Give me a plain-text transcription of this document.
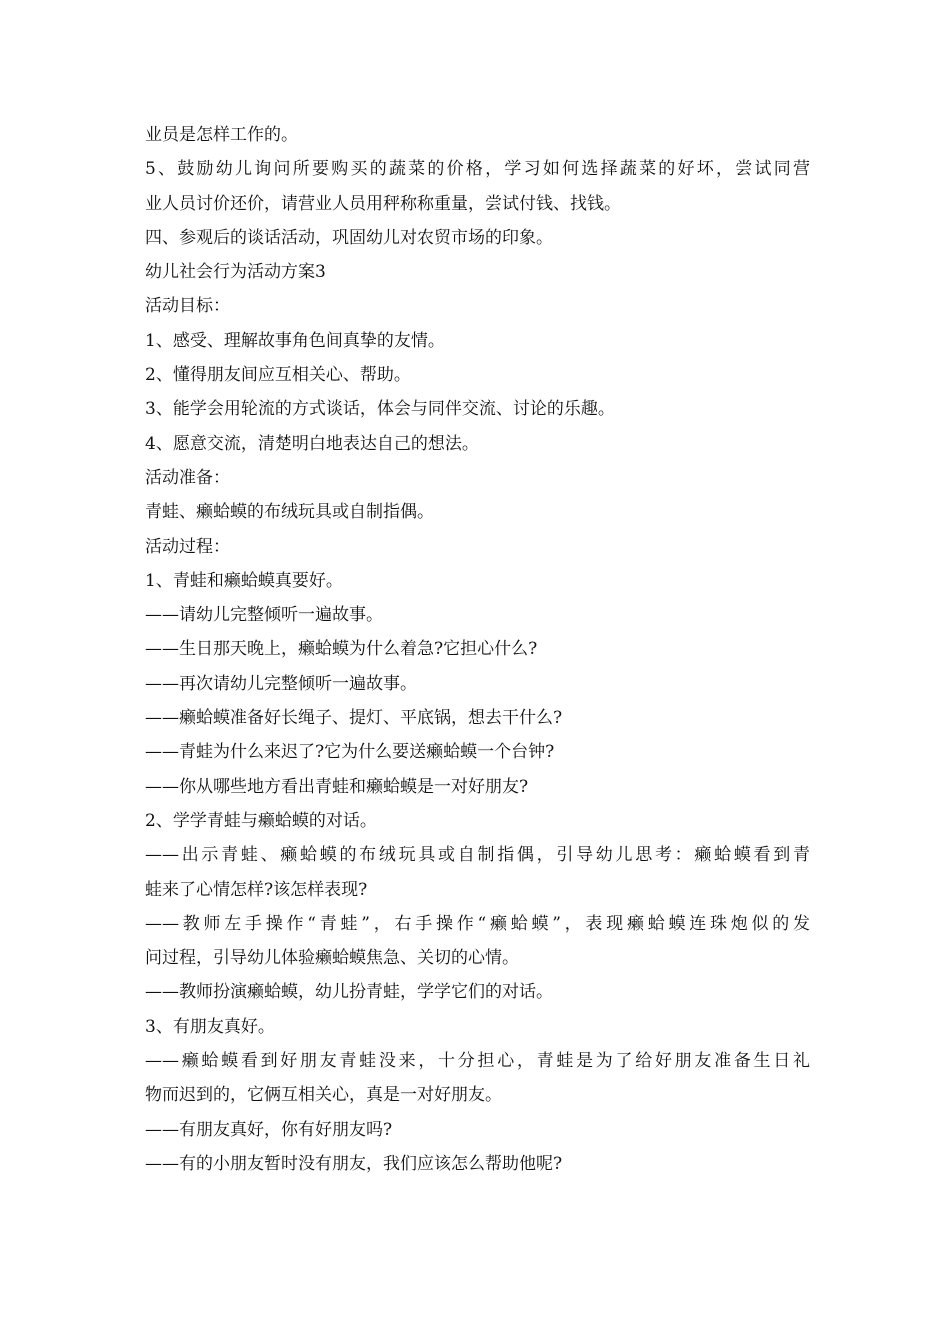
业员是怎样工作的。
5、鼓励幼儿询问所要购买的蔬菜的价格，学习如何选择蔬菜的好坏，尝试同营
业人员讨价还价，请营业人员用秤称称重量，尝试付钱、找钱。
四、参观后的谈话活动，巩固幼儿对农贸市场的印象。
幼儿社会行为活动方案3
活动目标：
1、感受、理解故事角色间真挚的友情。
2、懂得朋友间应互相关心、帮助。
3、能学会用轮流的方式谈话，体会与同伴交流、讨论的乐趣。
4、愿意交流，清楚明白地表达自己的想法。
活动准备：
青蛙、癞蛤蟆的布绒玩具或自制指偶。
活动过程：
1、青蛙和癞蛤蟆真要好。
——请幼儿完整倾听一遍故事。
——生日那天晚上，癞蛤蟆为什么着急?它担心什么?
——再次请幼儿完整倾听一遍故事。
——癞蛤蟆准备好长绳子、提灯、平底锅，想去干什么?
——青蛙为什么来迟了?它为什么要送癞蛤蟆一个台钟?
——你从哪些地方看出青蛙和癞蛤蟆是一对好朋友?
2、学学青蛙与癞蛤蟆的对话。
——出示青蛙、癞蛤蟆的布绒玩具或自制指偶，引导幼儿思考：癞蛤蟆看到青
蛙来了心情怎样?该怎样表现?
——教师左手操作“青蛙”，右手操作“癞蛤蟆”，表现癞蛤蟆连珠炮似的发
问过程，引导幼儿体验癞蛤蟆焦急、关切的心情。
——教师扮演癞蛤蟆，幼儿扮青蛙，学学它们的对话。
3、有朋友真好。
——癞蛤蟆看到好朋友青蛙没来，十分担心，青蛙是为了给好朋友准备生日礼
物而迟到的，它俩互相关心，真是一对好朋友。
——有朋友真好，你有好朋友吗?
——有的小朋友暂时没有朋友，我们应该怎么帮助他呢?
